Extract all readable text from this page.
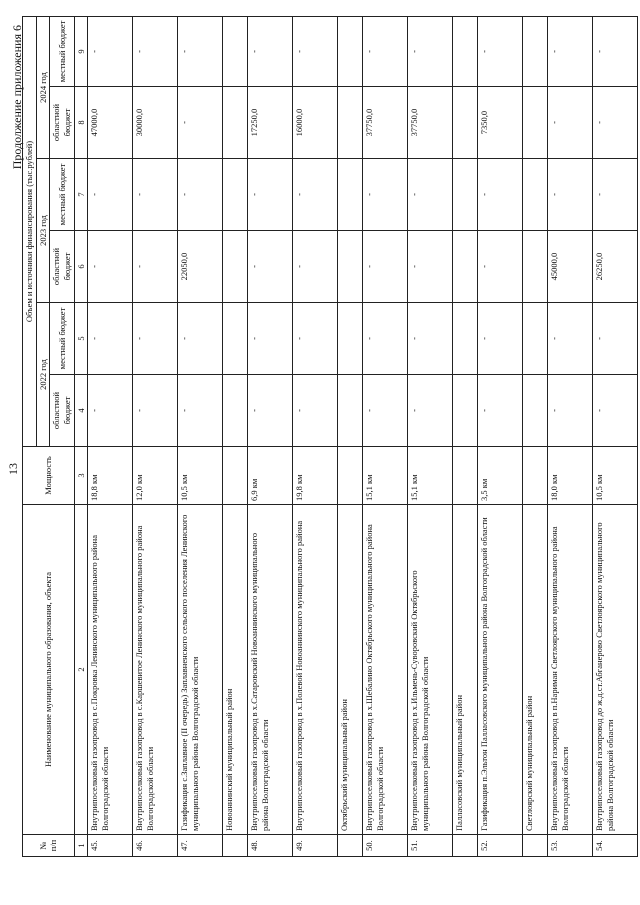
13
Продолжение приложения 6
№ п/п	Наименование муниципального образования, объекта	Мощность	Объем и источники финансирования (тыс.рублей)					
			2022 год		2023 год		2024 год	
			областной бюджет	местный бюджет	областной бюджет	местный бюджет	областной бюджет	местный бюджет
1	2	3	4	5	6	7	8	9
45.	Внутрипоселковый газопровод в с.Покровка Ленинского муниципального района Волгоградской области	18,8 км	-	-	-	-	47000,0	-
46.	Внутрипоселковый газопровод в с.Каршевитое Ленинского муниципального района Волгоградской области	12,0 км	-	-	-	-	30000,0	-
47.	Газификация с.Заплавное (II очередь) Заплавненского сельского поселения Ленинского муниципального района Волгоградской области	10,5 км	-	-	22050,0	-	-	-
	Новоаннинский муниципальный район							
48.	Внутрипоселковый газопровод в х.Сатаровский Новоаннинского муниципального района Волгоградской области	6,9 км	-	-	-	-	17250,0	-
49.	Внутрипоселковый газопровод в х.Полевой Новоаннинского муниципального района	19,8 км	-	-	-	-	16000,0	-
	Октябрьский муниципальный район							
50.	Внутрипоселковый газопровод в х.Шебалино Октябрьского муниципального района Волгоградской области	15,1 км	-	-	-	-	37750,0	-
51.	Внутрипоселковый газопровод в х.Ильмень-Суворовский Октябрьского муниципального района Волгоградской области	15,1 км	-	-	-	-	37750,0	-
	Палласовский муниципальный район							
52.	Газификация п.Эльтон Палласовского муниципального района Волгоградской области	3,5 км	-	-	-	-	7350,0	-
	Светлоярский муниципальный район							
53.	Внутрипоселковый газопровод в п.Нариман Светлоярского муниципального района Волгоградской области	18,0 км	-	-	45000,0	-	-	-
54.	Внутрипоселковый газопровод до ж.д.ст.Абганерово Светлоярского муниципального района Волгоградской области	10,5 км	-	-	26250,0	-	-	-
